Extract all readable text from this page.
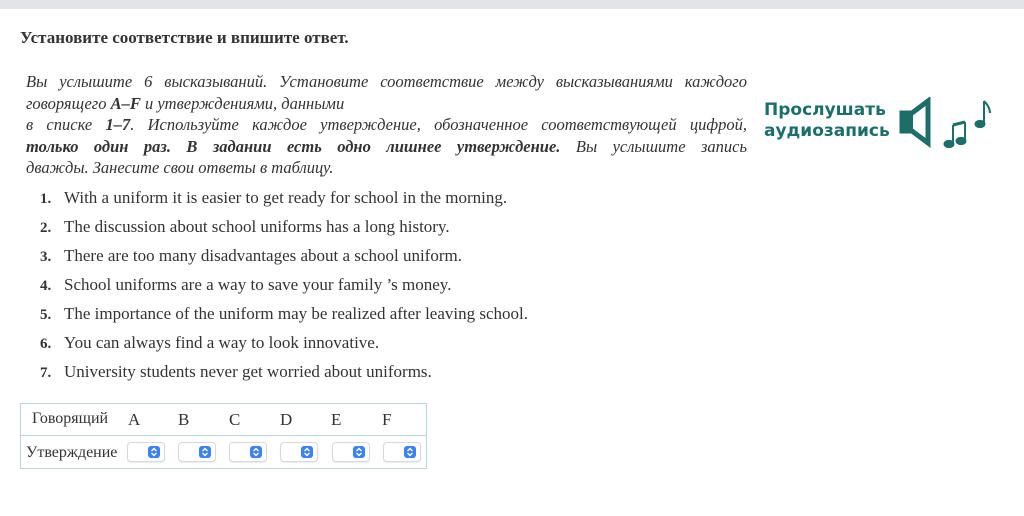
Установите соответствие и впишите ответ.
Вы услышите 6 высказываний. Установите соответствие между высказываниями каждого
говорящего A–F и утверждениями, данными
в списке 1–7. Используйте каждое утверждение, обозначенное соответствующей цифрой,
только один раз. В задании есть одно лишнее утверждение. Вы услышите запись
дважды. Занесите свои ответы в таблицу.
Прослушать
аудиозапись
1. With a uniform it is easier to get ready for school in the morning.
2. The discussion about school uniforms has a long history.
3. There are too many disadvantages about a school uniform.
4. School uniforms are a way to save your family ’s money.
5. The importance of the uniform may be realized after leaving school.
6. You can always find a way to look innovative.
7. University students never get worried about uniforms.
Говорящий A B C D E F
Утверждение
